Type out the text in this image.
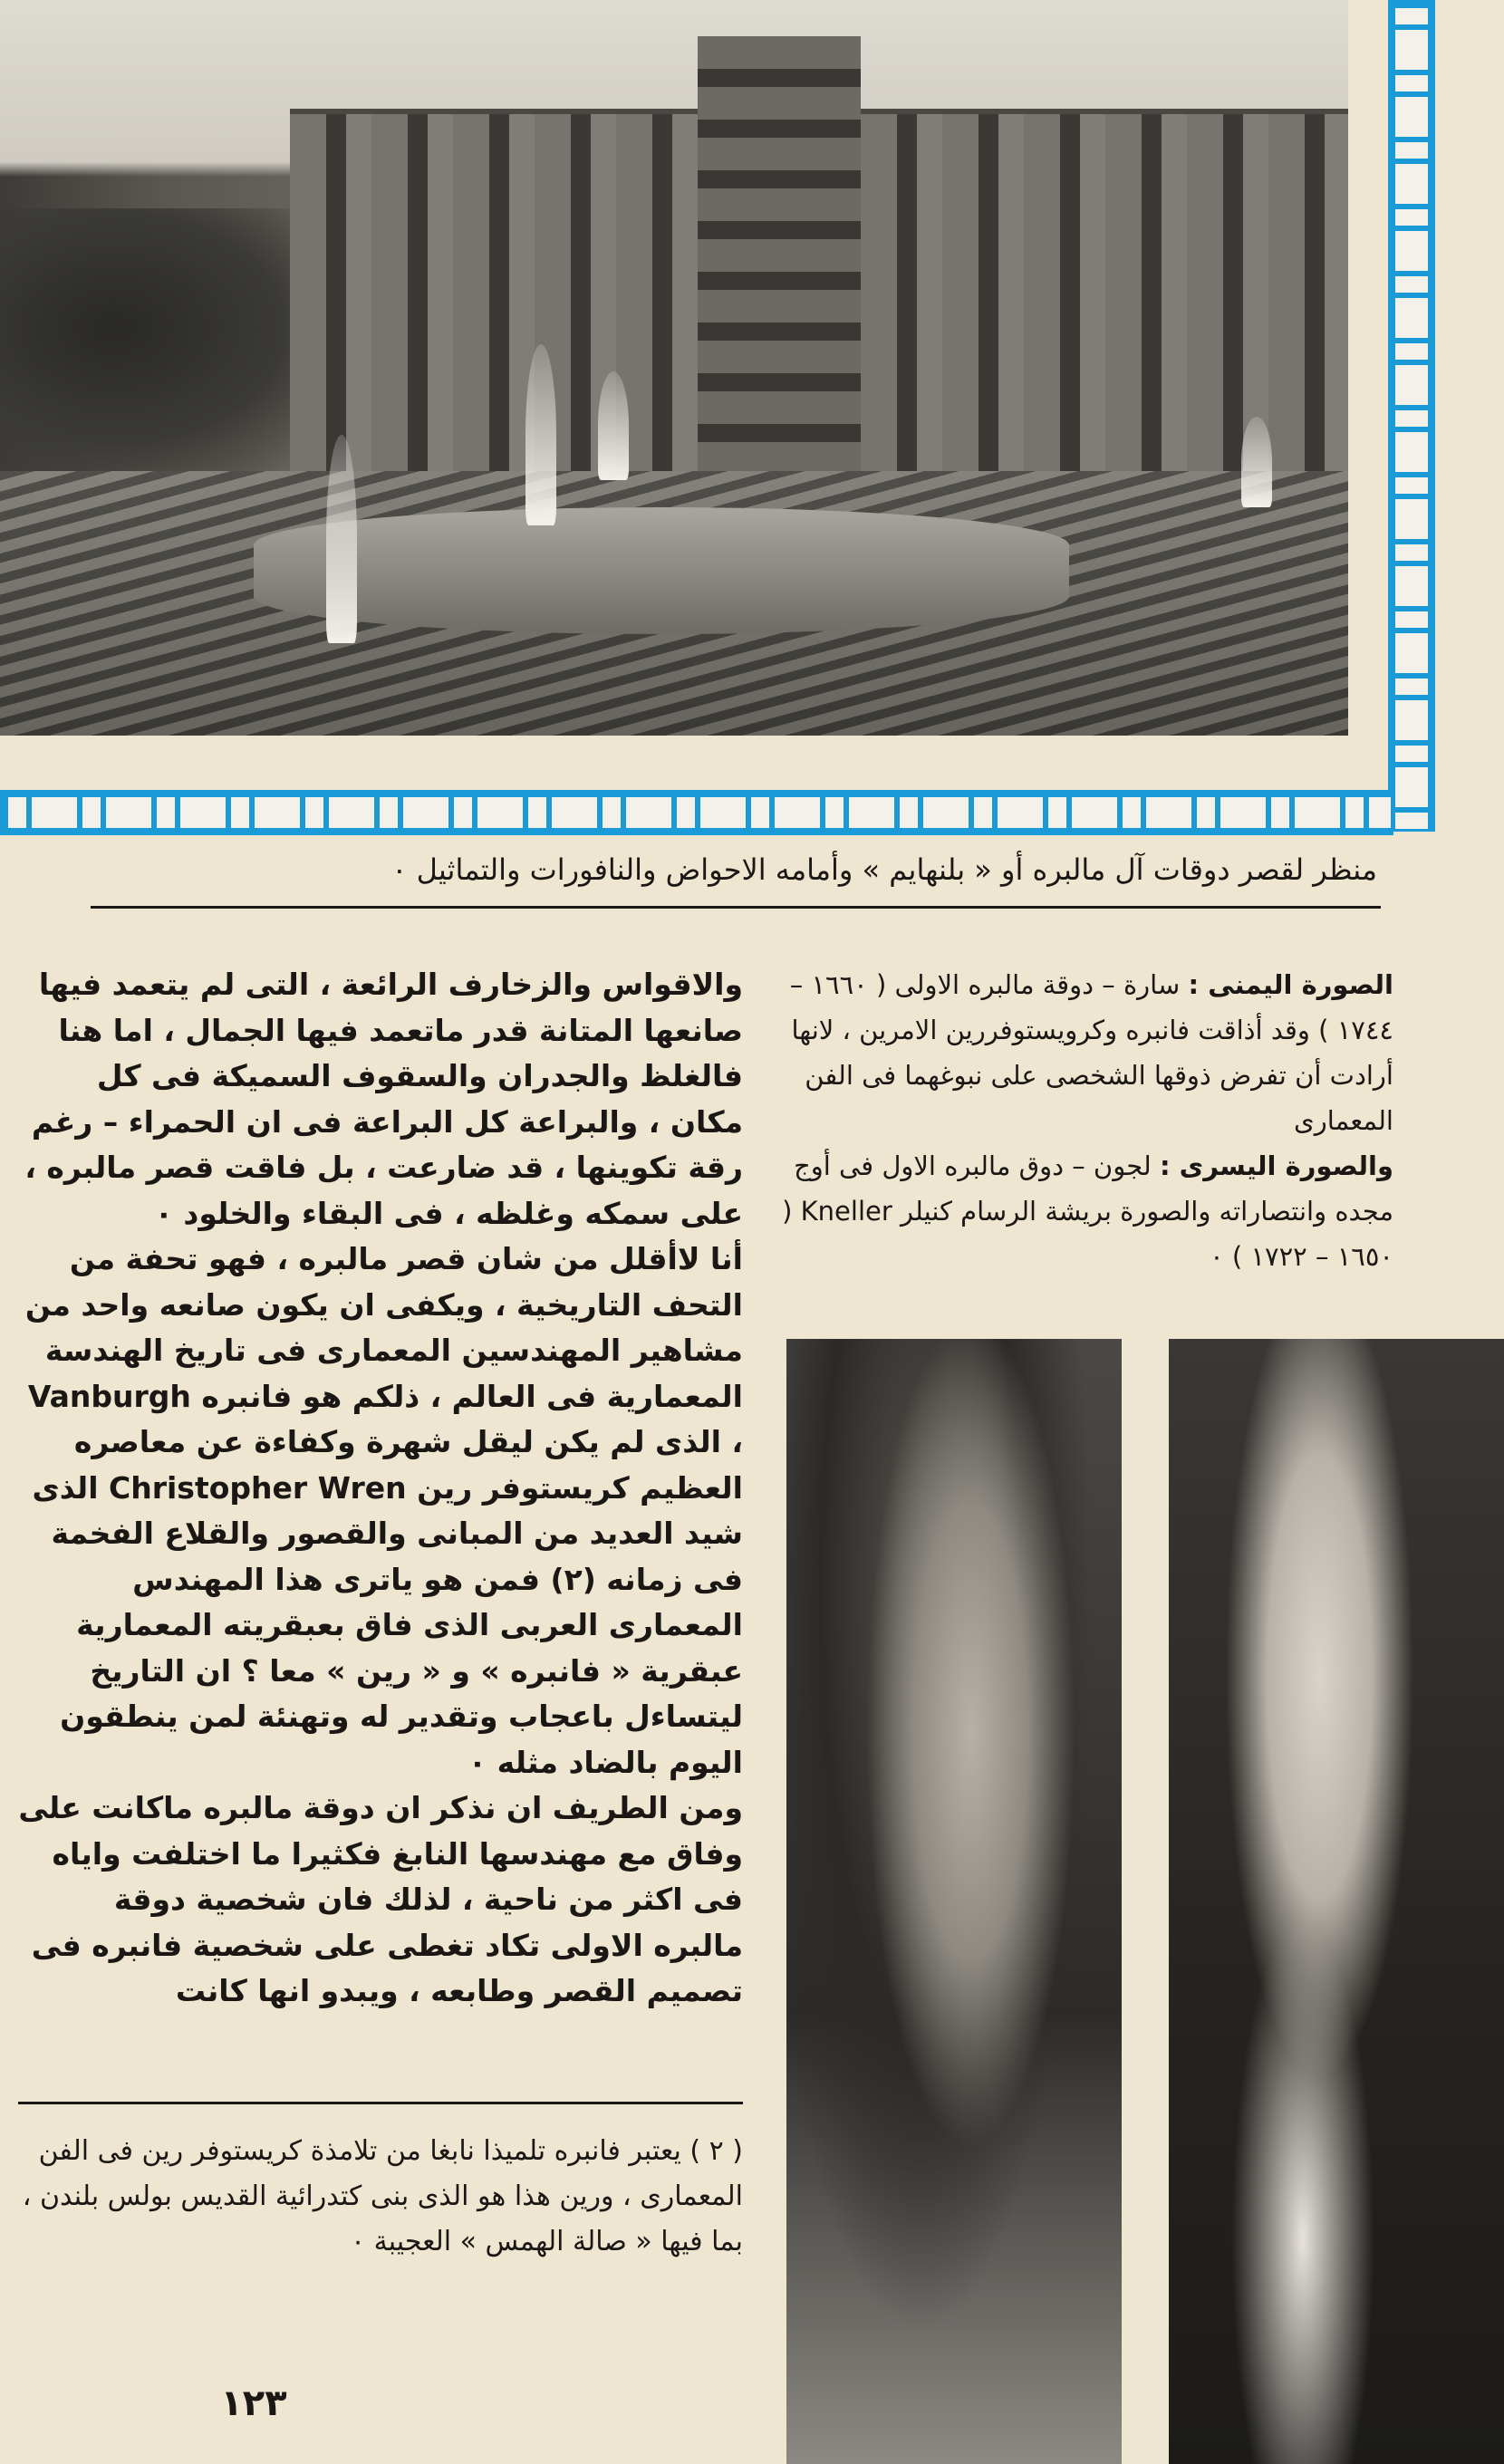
منظر لقصر دوقات آل مالبره أو « بلنهايم » وأمامه الاحواض والنافورات والتماثيل ٠

والاقواس والزخارف الرائعة ، التى لم يتعمد فيها صانعها المتانة قدر ماتعمد فيها الجمال ، اما هنا فالغلظ والجدران والسقوف السميكة فى كل مكان ، والبراعة كل البراعة فى ان الحمراء – رغم رقة تكوينها ، قد ضارعت ، بل فاقت قصر مالبره ، على سمكه وغلظه ، فى البقاء والخلود ٠

أنا لاأقلل من شان قصر مالبره ، فهو تحفة من التحف التاريخية ، ويكفى ان يكون صانعه واحد من مشاهير المهندسين المعمارى فى تاريخ الهندسة المعمارية فى العالم ، ذلكم هو فانبره Vanburgh ، الذى لم يكن ليقل شهرة وكفاءة عن معاصره العظيم كريستوفر رين Christopher Wren الذى شيد العديد من المبانى والقصور والقلاع الفخمة فى زمانه (٢) فمن هو ياترى هذا المهندس المعمارى العربى الذى فاق بعبقريته المعمارية عبقرية « فانبره » و « رين » معا ؟ ان التاريخ ليتساءل باعجاب وتقدير له وتهنئة لمن ينطقون اليوم بالضاد مثله ٠

ومن الطريف ان نذكر ان دوقة مالبره ماكانت على وفاق مع مهندسها النابغ فكثيرا ما اختلفت واياه فى اكثر من ناحية ، لذلك فان شخصية دوقة مالبره الاولى تكاد تغطى على شخصية فانبره فى تصميم القصر وطابعه ، ويبدو انها كانت

الصورة اليمنى : سارة – دوقة مالبره الاولى ( ١٦٦٠ – ١٧٤٤ ) وقد أذاقت فانبره وكرويستوفررين الامرين ، لانها أرادت أن تفرض ذوقها الشخصى على نبوغهما فى الفن المعمارى

والصورة اليسرى : لجون – دوق مالبره الاول فى أوج مجده وانتصاراته والصورة بريشة الرسام كنيلر Kneller ( ١٦٥٠ – ١٧٢٢ ) ٠

( ٢ ) يعتبر فانبره تلميذا نابغا من تلامذة كريستوفر رين فى الفن المعمارى ، ورين هذا هو الذى بنى كتدرائية القديس بولس بلندن ، بما فيها « صالة الهمس » العجيبة ٠
١٢٣
